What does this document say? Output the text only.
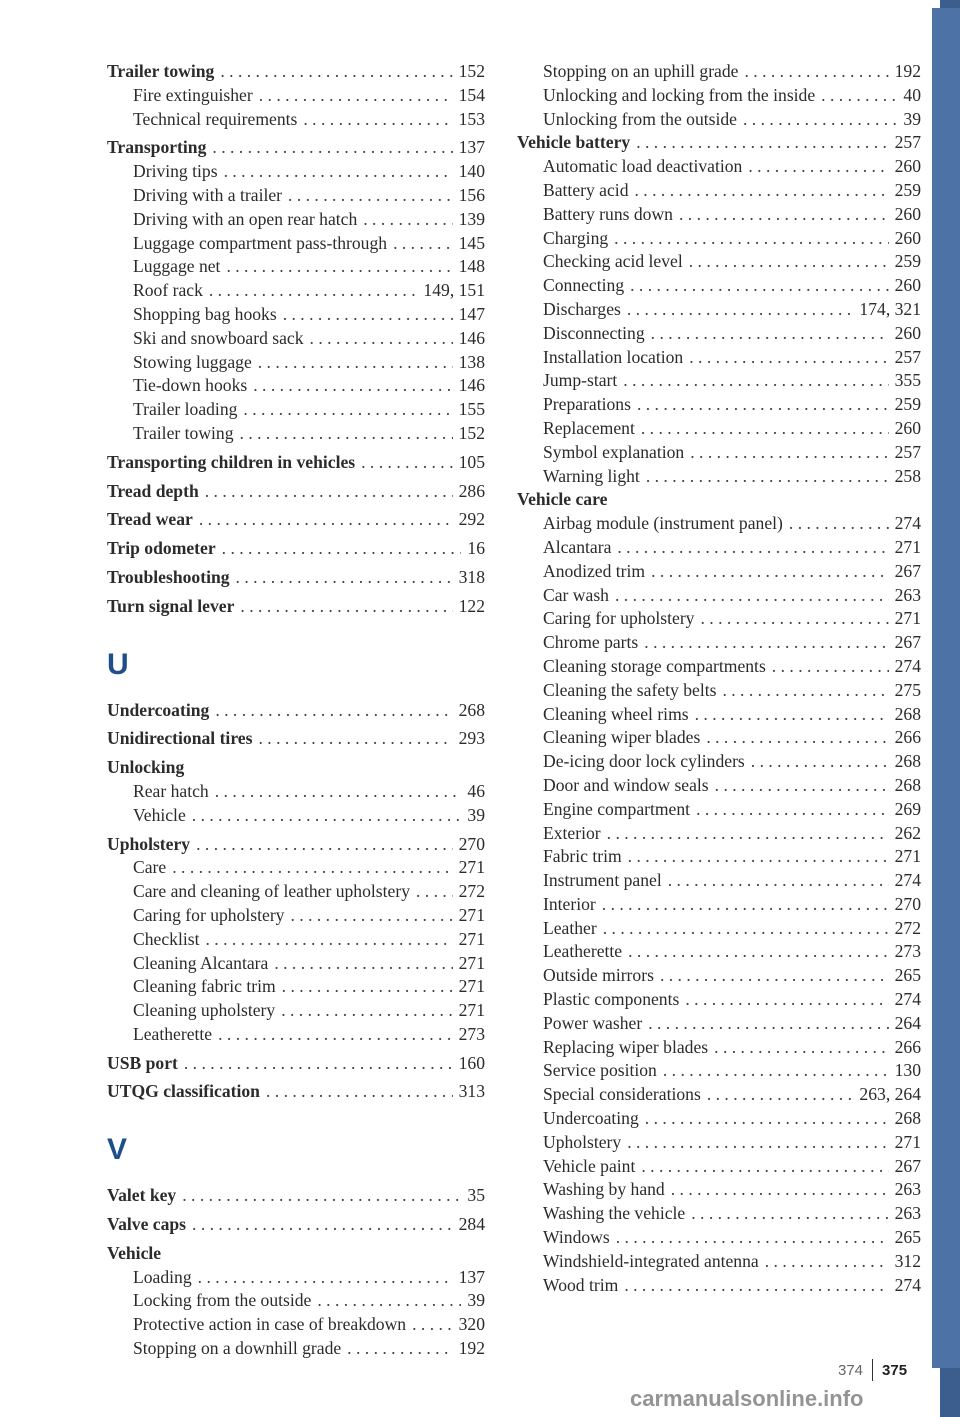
Trailer towing . . .	152
Fire extinguisher . . .	154
Technical requirements . . .	153
Transporting . . .	137
Driving tips . . .	140
Driving with a trailer . . .	156
Driving with an open rear hatch . . .	139
Luggage compartment pass-through . . .	145
Luggage net . . .	148
Roof rack . . .	149, 151
Shopping bag hooks . . .	147
Ski and snowboard sack . . .	146
Stowing luggage . . .	138
Tie-down hooks . . .	146
Trailer loading . . .	155
Trailer towing . . .	152
Transporting children in vehicles . . .	105
Tread depth . . .	286
Tread wear . . .	292
Trip odometer . . .	16
Troubleshooting . . .	318
Turn signal lever . . .	122
U
Undercoating . . .	268
Unidirectional tires . . .	293
Unlocking
Rear hatch . . .	46
Vehicle . . .	39
Upholstery . . .	270
Care . . .	271
Care and cleaning of leather upholstery . . .	272
Caring for upholstery . . .	271
Checklist . . .	271
Cleaning Alcantara . . .	271
Cleaning fabric trim . . .	271
Cleaning upholstery . . .	271
Leatherette . . .	273
USB port . . .	160
UTQG classification . . .	313
V
Valet key . . .	35
Valve caps . . .	284
Vehicle
Loading . . .	137
Locking from the outside . . .	39
Protective action in case of breakdown . . .	320
Stopping on a downhill grade . . .	192
Stopping on an uphill grade . . .	192
Unlocking and locking from the inside . . .	40
Unlocking from the outside . . .	39
Vehicle battery . . .	257
Automatic load deactivation . . .	260
Battery acid . . .	259
Battery runs down . . .	260
Charging . . .	260
Checking acid level . . .	259
Connecting . . .	260
Discharges . . .	174, 321
Disconnecting . . .	260
Installation location . . .	257
Jump-start . . .	355
Preparations . . .	259
Replacement . . .	260
Symbol explanation . . .	257
Warning light . . .	258
Vehicle care
Airbag module (instrument panel) . . .	274
Alcantara . . .	271
Anodized trim . . .	267
Car wash . . .	263
Caring for upholstery . . .	271
Chrome parts . . .	267
Cleaning storage compartments . . .	274
Cleaning the safety belts . . .	275
Cleaning wheel rims . . .	268
Cleaning wiper blades . . .	266
De-icing door lock cylinders . . .	268
Door and window seals . . .	268
Engine compartment . . .	269
Exterior . . .	262
Fabric trim . . .	271
Instrument panel . . .	274
Interior . . .	270
Leather . . .	272
Leatherette . . .	273
Outside mirrors . . .	265
Plastic components . . .	274
Power washer . . .	264
Replacing wiper blades . . .	266
Service position . . .	130
Special considerations . . .	263, 264
Undercoating . . .	268
Upholstery . . .	271
Vehicle paint . . .	267
Washing by hand . . .	263
Washing the vehicle . . .	263
Windows . . .	265
Windshield-integrated antenna . . .	312
Wood trim . . .	274
374 375
carmanualsonline.info
